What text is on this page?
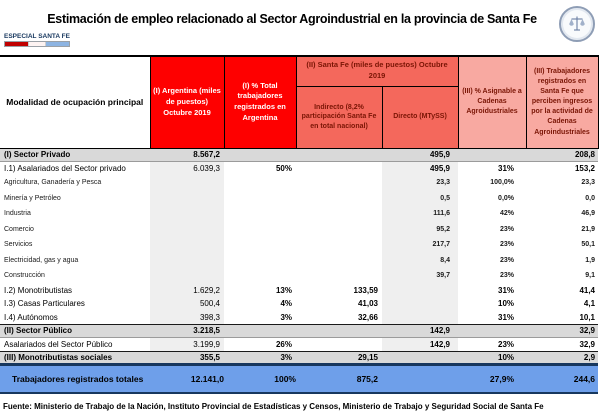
Estimación de empleo relacionado al Sector Agroindustrial en la provincia de Santa Fe
ESPECIAL SANTA FE
Modalidad de ocupación principal	(I) Argentina (miles de puestos) Octubre 2019	(I) % Total trabajadores registrados en Argentina	(II) Santa Fe (miles de puestos) Octubre 2019		(III) % Asignable a Cadenas Agroidustriales	(III) Trabajadores registrados en Santa Fe que perciben ingresos por la actividad de Cadenas Agroindustriales
			Indirecto (8,2% participación Santa Fe en total nacional)	Directo (MTySS)		
(I) Sector Privado	8.567,2			495,9		208,8
I.1) Asalariados del Sector privado	6.039,3	50%		495,9	31%	153,2
Agricultura, Ganadería y Pesca				23,3	100,0%	23,3
Minería y Petróleo				0,5	0,0%	0,0
Industria				111,6	42%	46,9
Comercio				95,2	23%	21,9
Servicios				217,7	23%	50,1
Electricidad, gas y agua				8,4	23%	1,9
Construcción				39,7	23%	9,1
I.2) Monotributistas	1.629,2	13%	133,59		31%	41,4
I.3) Casas Particulares	500,4	4%	41,03		10%	4,1
I.4) Autónomos	398,3	3%	32,66		31%	10,1
(II) Sector Público	3.218,5			142,9		32,9
Asalariados del Sector Público	3.199,9	26%		142,9	23%	32,9
(III) Monotributistas sociales	355,5	3%	29,15		10%	2,9
Trabajadores registrados totales	12.141,0	100%	875,2		27,9%	244,6
Fuente: Ministerio de Trabajo de la Nación, Instituto Provincial de Estadísticas y Censos, Ministerio de Trabajo y Seguridad Social de Santa Fe
